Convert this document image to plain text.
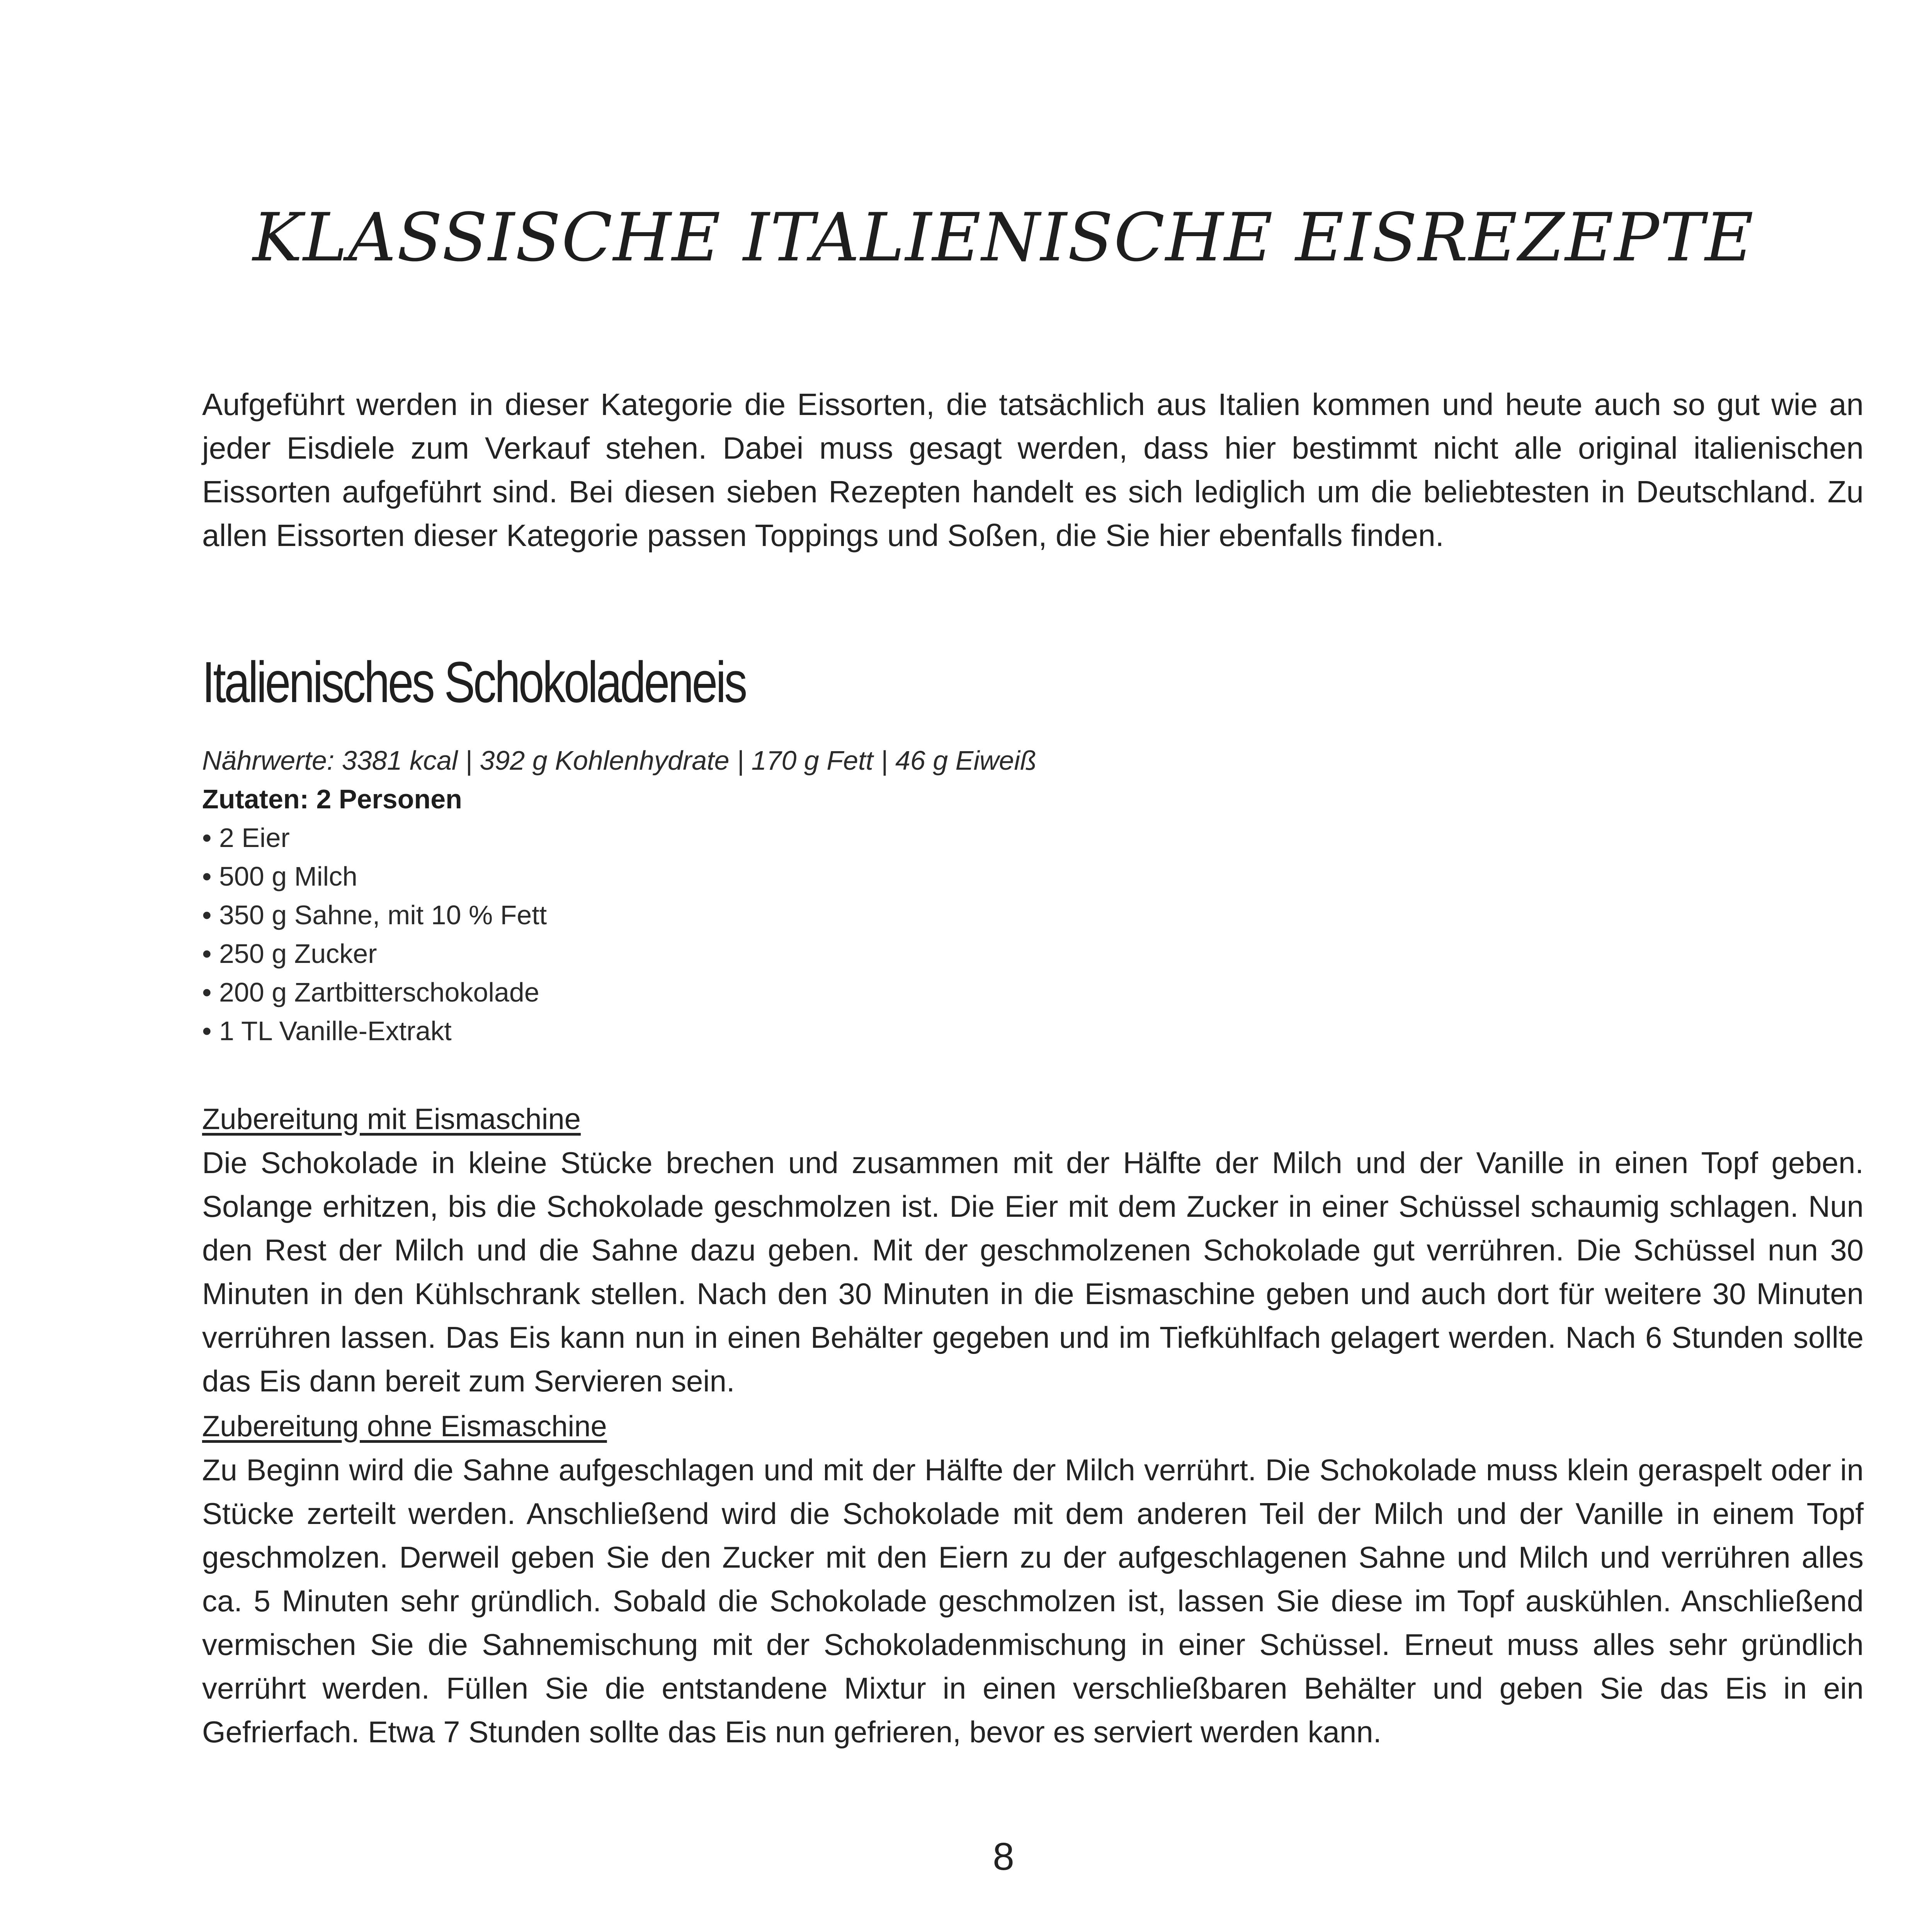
KLASSISCHE ITALIENISCHE EISREZEPTE

Aufgeführt werden in dieser Kategorie die Eissorten, die tatsächlich aus Italien kommen und heute auch so gut wie an jeder Eisdiele zum Verkauf stehen. Dabei muss gesagt werden, dass hier bestimmt nicht alle original italienischen Eissorten aufgeführt sind. Bei diesen sieben Rezepten handelt es sich lediglich um die beliebtesten in Deutschland. Zu allen Eissorten dieser Kategorie passen Toppings und Soßen, die Sie hier ebenfalls finden.

Italienisches Schokoladeneis

Nährwerte: 3381 kcal | 392 g Kohlenhydrate | 170 g Fett | 46 g Eiweiß

Zutaten: 2 Personen

• 2 Eier
• 500 g Milch
• 350 g Sahne, mit 10 % Fett
• 250 g Zucker
• 200 g Zartbitterschokolade
• 1 TL Vanille-Extrakt

Zubereitung mit Eismaschine

Die Schokolade in kleine Stücke brechen und zusammen mit der Hälfte der Milch und der Vanille in einen Topf geben. Solange erhitzen, bis die Schokolade geschmolzen ist. Die Eier mit dem Zucker in einer Schüssel schaumig schlagen. Nun den Rest der Milch und die Sahne dazu geben. Mit der geschmolzenen Schokolade gut verrühren. Die Schüssel nun 30 Minuten in den Kühlschrank stellen. Nach den 30 Minuten in die Eismaschine geben und auch dort für weitere 30 Minuten verrühren lassen. Das Eis kann nun in einen Behälter gegeben und im Tiefkühlfach gelagert werden. Nach 6 Stunden sollte das Eis dann bereit zum Servieren sein.

Zubereitung ohne Eismaschine

Zu Beginn wird die Sahne aufgeschlagen und mit der Hälfte der Milch verrührt. Die Schokolade muss klein geraspelt oder in Stücke zerteilt werden. Anschließend wird die Schokolade mit dem anderen Teil der Milch und der Vanille in einem Topf geschmolzen. Derweil geben Sie den Zucker mit den Eiern zu der aufgeschlagenen Sahne und Milch und verrühren alles ca. 5 Minuten sehr gründlich. Sobald die Schokolade geschmolzen ist, lassen Sie diese im Topf auskühlen. Anschließend vermischen Sie die Sahnemischung mit der Schokoladenmischung in einer Schüssel. Erneut muss alles sehr gründlich verrührt werden. Füllen Sie die entstandene Mixtur in einen verschließbaren Behälter und geben Sie das Eis in ein Gefrierfach. Etwa 7 Stunden sollte das Eis nun gefrieren, bevor es serviert werden kann.

8
